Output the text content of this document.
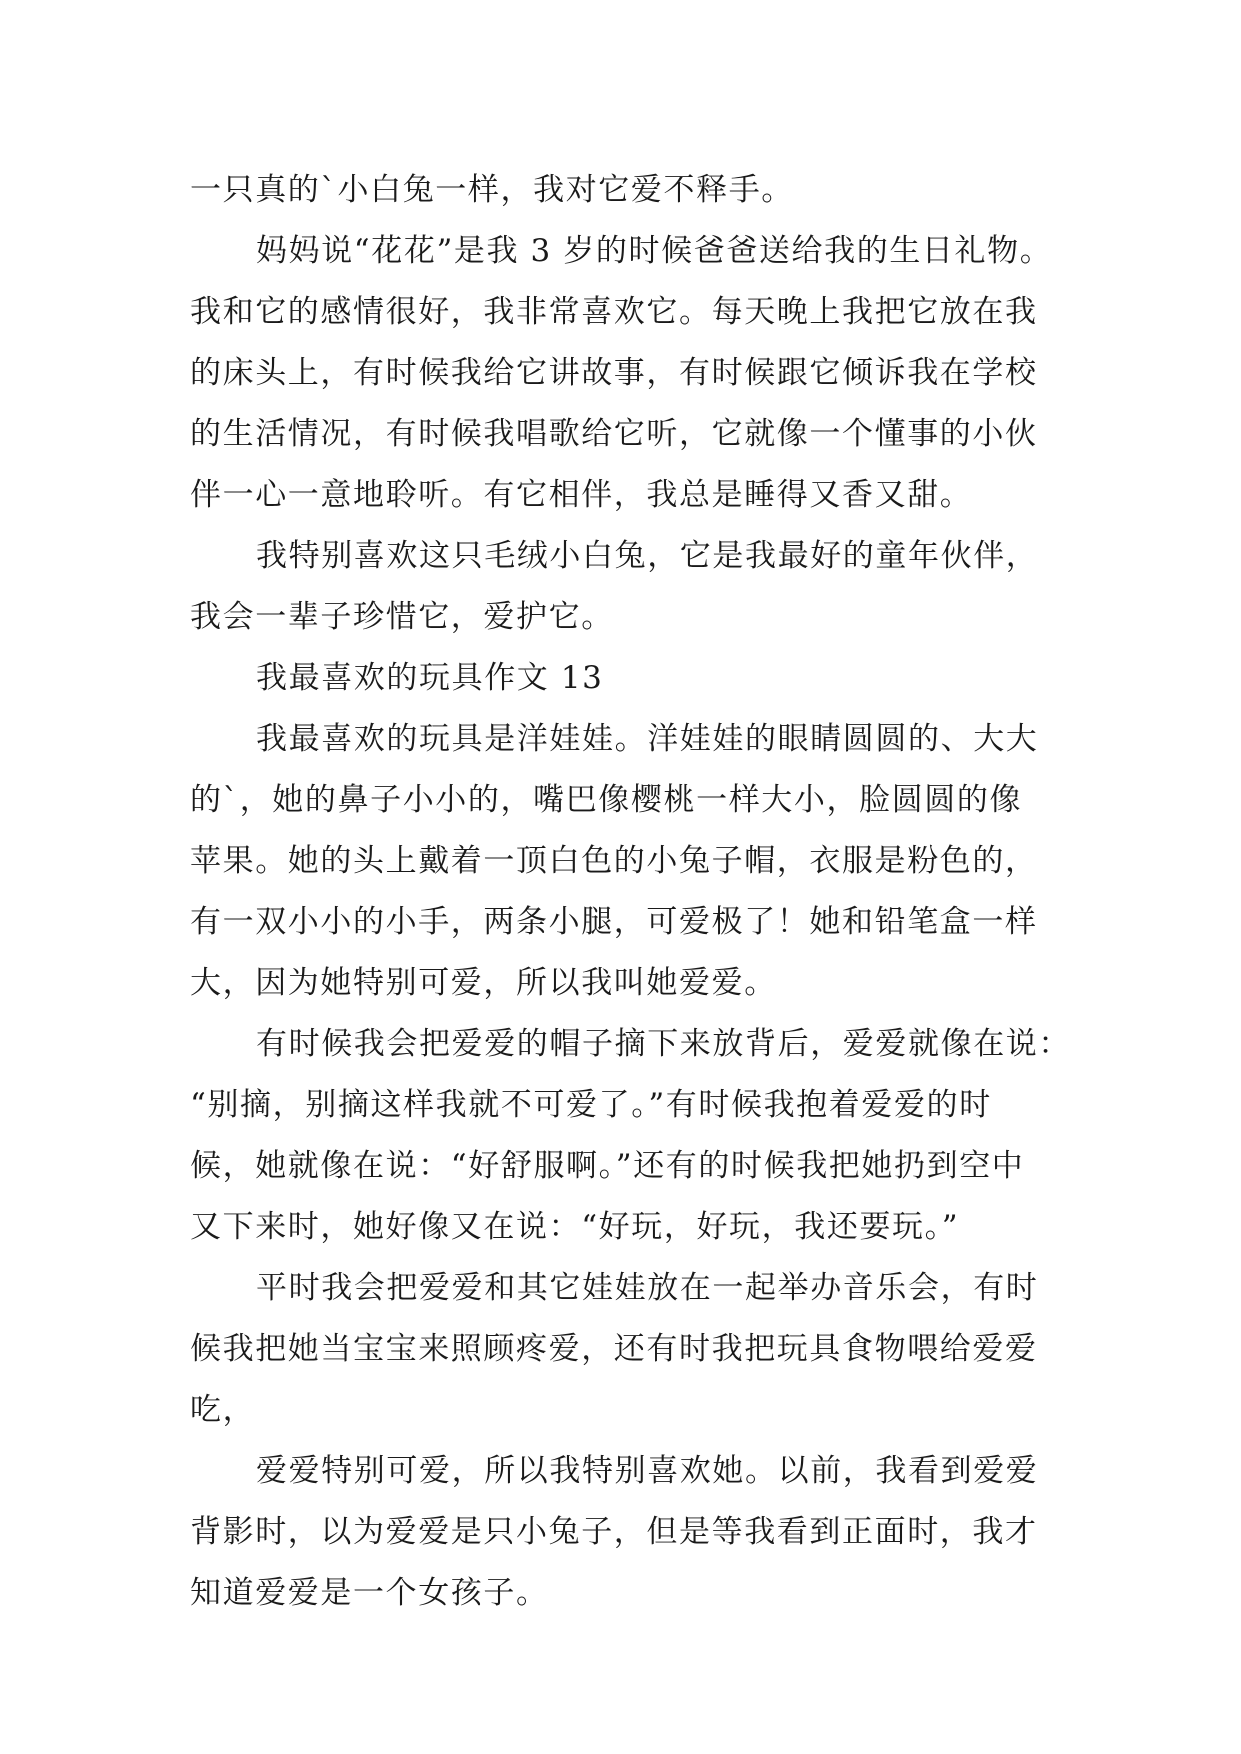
一只真的`小白兔一样，我对它爱不释手。
妈妈说“花花”是我 3 岁的时候爸爸送给我的生日礼物。
我和它的感情很好，我非常喜欢它。每天晚上我把它放在我
的床头上，有时候我给它讲故事，有时候跟它倾诉我在学校
的生活情况，有时候我唱歌给它听，它就像一个懂事的小伙
伴一心一意地聆听。有它相伴，我总是睡得又香又甜。
我特别喜欢这只毛绒小白兔，它是我最好的童年伙伴，
我会一辈子珍惜它，爱护它。
我最喜欢的玩具作文 13
我最喜欢的玩具是洋娃娃。洋娃娃的眼睛圆圆的、大大
的`，她的鼻子小小的，嘴巴像樱桃一样大小，脸圆圆的像
苹果。她的头上戴着一顶白色的小兔子帽，衣服是粉色的，
有一双小小的小手，两条小腿，可爱极了！她和铅笔盒一样
大，因为她特别可爱，所以我叫她爱爱。
有时候我会把爱爱的帽子摘下来放背后，爱爱就像在说：
“别摘，别摘这样我就不可爱了。”有时候我抱着爱爱的时
候，她就像在说：“好舒服啊。”还有的时候我把她扔到空中
又下来时，她好像又在说：“好玩，好玩，我还要玩。”
平时我会把爱爱和其它娃娃放在一起举办音乐会，有时
候我把她当宝宝来照顾疼爱，还有时我把玩具食物喂给爱爱
吃，
爱爱特别可爱，所以我特别喜欢她。以前，我看到爱爱
背影时，以为爱爱是只小兔子，但是等我看到正面时，我才
知道爱爱是一个女孩子。
